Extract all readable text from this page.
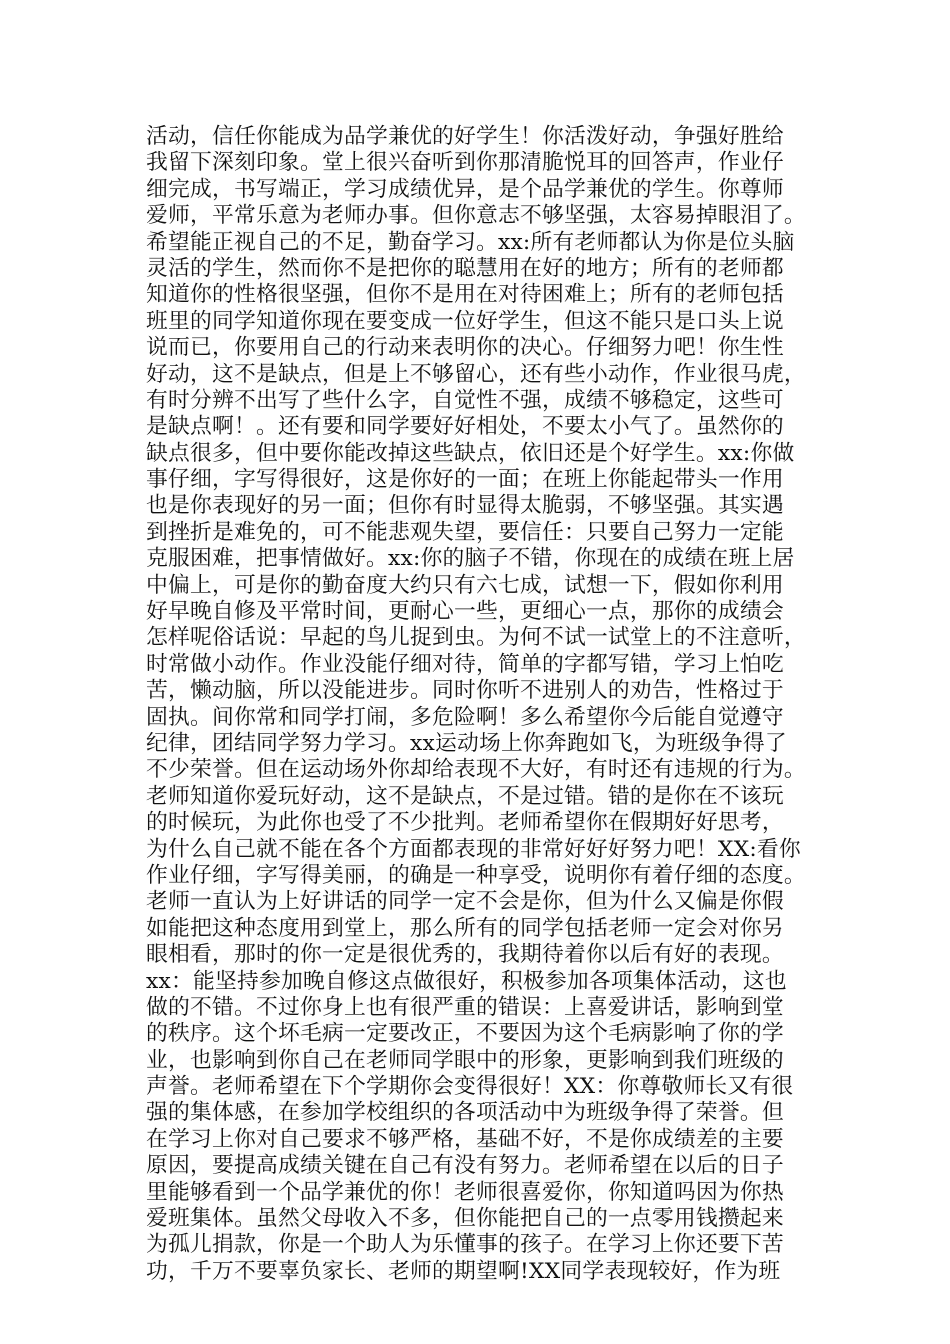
活动，信任你能成为品学兼优的好学生！你活泼好动，争强好胜给
我留下深刻印象。堂上很兴奋听到你那清脆悦耳的回答声，作业仔
细完成，书写端正，学习成绩优异，是个品学兼优的学生。你尊师
爱师，平常乐意为老师办事。但你意志不够坚强，太容易掉眼泪了。
希望能正视自己的不足，勤奋学习。xx:所有老师都认为你是位头脑
灵活的学生，然而你不是把你的聪慧用在好的地方；所有的老师都
知道你的性格很坚强，但你不是用在对待困难上；所有的老师包括
班里的同学知道你现在要变成一位好学生，但这不能只是口头上说
说而已，你要用自己的行动来表明你的决心。仔细努力吧！你生性
好动，这不是缺点，但是上不够留心，还有些小动作，作业很马虎，
有时分辨不出写了些什么字，自觉性不强，成绩不够稳定，这些可
是缺点啊！。还有要和同学要好好相处，不要太小气了。虽然你的
缺点很多，但中要你能改掉这些缺点，依旧还是个好学生。xx:你做
事仔细，字写得很好，这是你好的一面；在班上你能起带头一作用
也是你表现好的另一面；但你有时显得太脆弱，不够坚强。其实遇
到挫折是难免的，可不能悲观失望，要信任：只要自己努力一定能
克服困难，把事情做好。xx:你的脑子不错，你现在的成绩在班上居
中偏上，可是你的勤奋度大约只有六七成，试想一下，假如你利用
好早晚自修及平常时间，更耐心一些，更细心一点，那你的成绩会
怎样呢俗话说：早起的鸟儿捉到虫。为何不试一试堂上的不注意听，
时常做小动作。作业没能仔细对待，简单的字都写错，学习上怕吃
苦，懒动脑，所以没能进步。同时你听不进别人的劝告，性格过于
固执。间你常和同学打闹，多危险啊！多么希望你今后能自觉遵守
纪律，团结同学努力学习。xx运动场上你奔跑如飞，为班级争得了
不少荣誉。但在运动场外你却给表现不大好，有时还有违规的行为。
老师知道你爱玩好动，这不是缺点，不是过错。错的是你在不该玩
的时候玩，为此你也受了不少批判。老师希望你在假期好好思考，
为什么自己就不能在各个方面都表现的非常好好好努力吧！XX:看你
作业仔细，字写得美丽，的确是一种享受，说明你有着仔细的态度。
老师一直认为上好讲话的同学一定不会是你，但为什么又偏是你假
如能把这种态度用到堂上，那么所有的同学包括老师一定会对你另
眼相看，那时的你一定是很优秀的，我期待着你以后有好的表现。
xx：能坚持参加晚自修这点做很好，积极参加各项集体活动，这也
做的不错。不过你身上也有很严重的错误：上喜爱讲话，影响到堂
的秩序。这个坏毛病一定要改正，不要因为这个毛病影响了你的学
业，也影响到你自己在老师同学眼中的形象，更影响到我们班级的
声誉。老师希望在下个学期你会变得很好！XX：你尊敬师长又有很
强的集体感，在参加学校组织的各项活动中为班级争得了荣誉。但
在学习上你对自己要求不够严格，基础不好，不是你成绩差的主要
原因，要提高成绩关键在自己有没有努力。老师希望在以后的日子
里能够看到一个品学兼优的你！老师很喜爱你，你知道吗因为你热
爱班集体。虽然父母收入不多，但你能把自己的一点零用钱攒起来
为孤儿捐款，你是一个助人为乐懂事的孩子。在学习上你还要下苦
功，千万不要辜负家长、老师的期望啊!XX同学表现较好，作为班
